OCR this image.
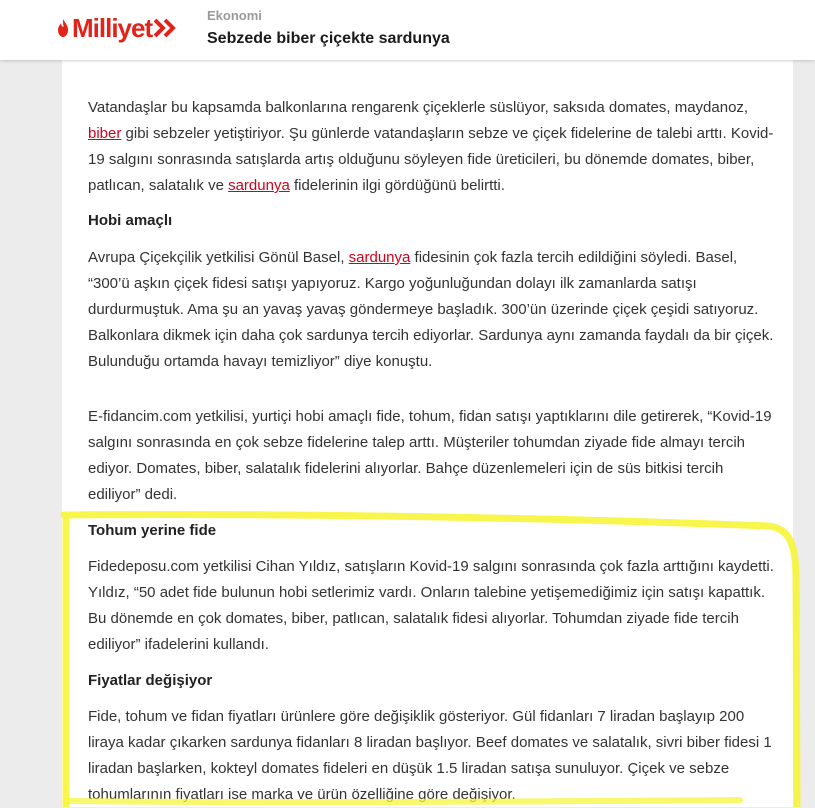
Milliyet	Ekonomi
Sebzede biber çiçekte sardunya

Vatandaşlar bu kapsamda balkonlarına rengarenk çiçeklerle süslüyor, saksıda domates, maydanoz, biber gibi sebzeler yetiştiriyor. Şu günlerde vatandaşların sebze ve çiçek fidelerine de talebi arttı. Kovid-19 salgını sonrasında satışlarda artış olduğunu söyleyen fide üreticileri, bu dönemde domates, biber, patlıcan, salatalık ve sardunya fidelerinin ilgi gördüğünü belirtti.

Hobi amaçlı

Avrupa Çiçekçilik yetkilisi Gönül Basel, sardunya fidesinin çok fazla tercih edildiğini söyledi. Basel, “300’ü aşkın çiçek fidesi satışı yapıyoruz. Kargo yoğunluğundan dolayı ilk zamanlarda satışı durdurmuştuk. Ama şu an yavaş yavaş göndermeye başladık. 300’ün üzerinde çiçek çeşidi satıyoruz. Balkonlara dikmek için daha çok sardunya tercih ediyorlar. Sardunya aynı zamanda faydalı da bir çiçek. Bulunduğu ortamda havayı temizliyor” diye konuştu.

E-fidancim.com yetkilisi, yurtiçi hobi amaçlı fide, tohum, fidan satışı yaptıklarını dile getirerek, “Kovid-19 salgını sonrasında en çok sebze fidelerine talep arttı. Müşteriler tohumdan ziyade fide almayı tercih ediyor. Domates, biber, salatalık fidelerini alıyorlar. Bahçe düzenlemeleri için de süs bitkisi tercih ediliyor” dedi.

Tohum yerine fide

Fidedeposu.com yetkilisi Cihan Yıldız, satışların Kovid-19 salgını sonrasında çok fazla arttığını kaydetti. Yıldız, “50 adet fide bulunun hobi setlerimiz vardı. Onların talebine yetişemediğimiz için satışı kapattık. Bu dönemde en çok domates, biber, patlıcan, salatalık fidesi alıyorlar. Tohumdan ziyade fide tercih ediliyor” ifadelerini kullandı.

Fiyatlar değişiyor

Fide, tohum ve fidan fiyatları ürünlere göre değişiklik gösteriyor. Gül fidanları 7 liradan başlayıp 200 liraya kadar çıkarken sardunya fidanları 8 liradan başlıyor. Beef domates ve salatalık, sivri biber fidesi 1 liradan başlarken, kokteyl domates fideleri en düşük 1.5 liradan satışa sunuluyor. Çiçek ve sebze tohumlarının fiyatları ise marka ve ürün özelliğine göre değişiyor.
